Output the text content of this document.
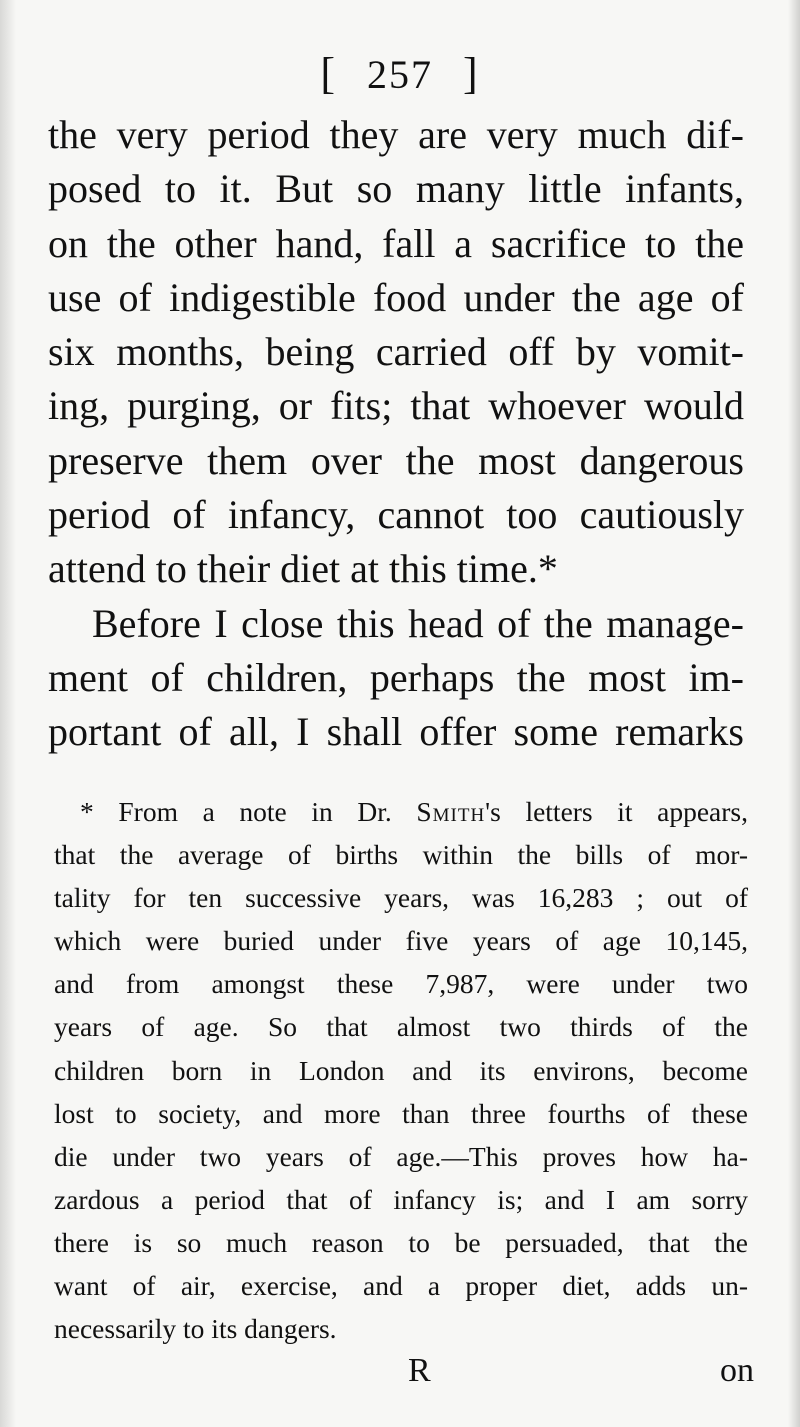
[ 257 ]
the very period they are very much dif-
posed to it. But so many little infants,
on the other hand, fall a sacrifice to the
use of indigestible food under the age of
six months, being carried off by vomit-
ing, purging, or fits; that whoever would
preserve them over the most dangerous
period of infancy, cannot too cautiously
attend to their diet at this time.*
Before I close this head of the manage-
ment of children, perhaps the most im-
portant of all, I shall offer some remarks
* From a note in Dr. Smith's letters it appears,
that the average of births within the bills of mor-
tality for ten successive years, was 16,283 ; out of
which were buried under five years of age 10,145,
and from amongst these 7,987, were under two
years of age. So that almost two thirds of the
children born in London and its environs, become
lost to society, and more than three fourths of these
die under two years of age.—This proves how ha-
zardous a period that of infancy is; and I am sorry
there is so much reason to be persuaded, that the
want of air, exercise, and a proper diet, adds un-
necessarily to its dangers.
R	on
